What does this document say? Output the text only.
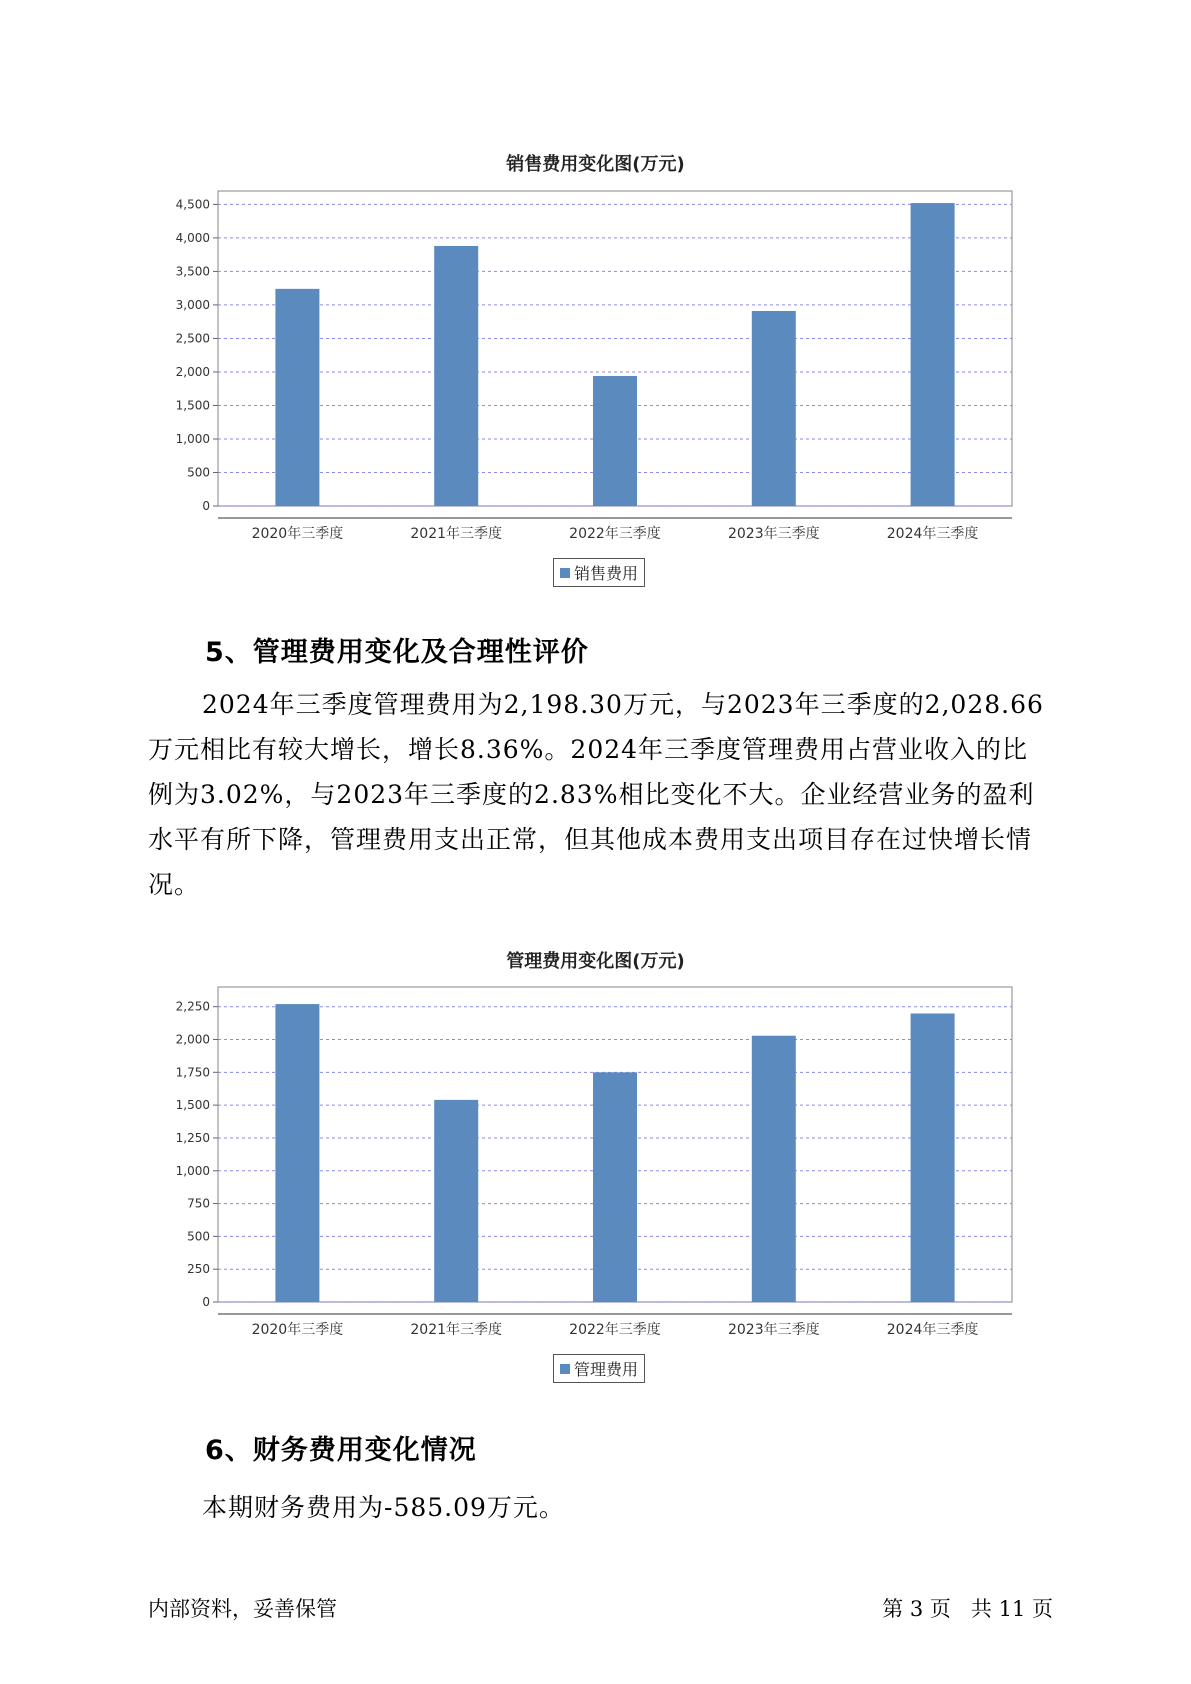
销售费用变化图(万元)
0
500
1,000
1,500
2,000
2,500
3,000
3,500
4,000
4,500
2020年三季度	2021年三季度	2022年三季度	2023年三季度	2024年三季度
销售费用
5、管理费用变化及合理性评价
2024年三季度管理费用为2,198.30万元，与2023年三季度的2,028.66万元相比有较大增长，增长8.36%。2024年三季度管理费用占营业收入的比例为3.02%，与2023年三季度的2.83%相比变化不大。企业经营业务的盈利水平有所下降，管理费用支出正常，但其他成本费用支出项目存在过快增长情况。
管理费用变化图(万元)
0
250
500
750
1,000
1,250
1,500
1,750
2,000
2,250
2020年三季度	2021年三季度	2022年三季度	2023年三季度	2024年三季度
管理费用
6、财务费用变化情况
本期财务费用为-585.09万元。
内部资料，妥善保管	第 3 页   共 11 页
